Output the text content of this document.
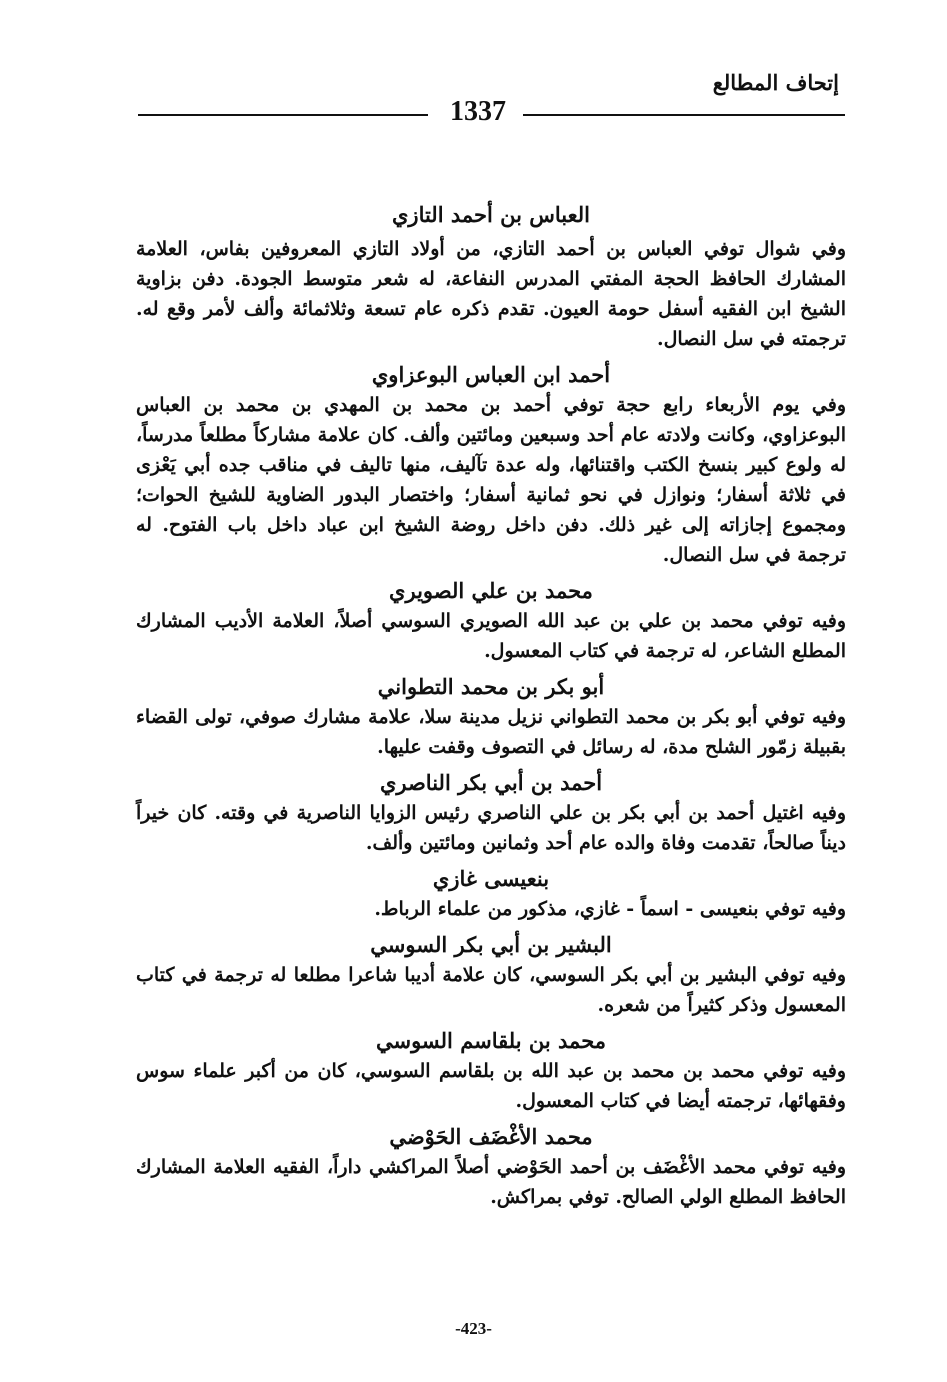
إتحاف المطالع
1337

العباس بن أحمد التازي

وفي شوال توفي العباس بن أحمد التازي، من أولاد التازي المعروفين بفاس، العلامة المشارك الحافظ الحجة المفتي المدرس النفاعة، له شعر متوسط الجودة. دفن بزاوية الشيخ ابن الفقيه أسفل حومة العيون. تقدم ذكره عام تسعة وثلاثمائة وألف لأمر وقع له. ترجمته في سل النصال.

أحمد ابن العباس البوعزاوي

وفي يوم الأربعاء رابع حجة توفي أحمد بن محمد بن المهدي بن محمد بن العباس البوعزاوي، وكانت ولادته عام أحد وسبعين ومائتين وألف. كان علامة مشاركاً مطلعاً مدرساً، له ولوع كبير بنسخ الكتب واقتنائها، وله عدة تآليف، منها تاليف في مناقب جده أبي يَعْزى في ثلاثة أسفار؛ ونوازل في نحو ثمانية أسفار؛ واختصار البدور الضاوية للشيخ الحوات؛ ومجموع إجازاته إلى غير ذلك. دفن داخل روضة الشيخ ابن عباد داخل باب الفتوح. له ترجمة في سل النصال.

محمد بن علي الصويري

وفيه توفي محمد بن علي بن عبد الله الصويري السوسي أصلاً، العلامة الأديب المشارك المطلع الشاعر، له ترجمة في كتاب المعسول.

أبو بكر بن محمد التطواني

وفيه توفي أبو بكر بن محمد التطواني نزيل مدينة سلا، علامة مشارك صوفي، تولى القضاء بقبيلة زمّور الشلح مدة، له رسائل في التصوف وقفت عليها.

أحمد بن أبي بكر الناصري

وفيه اغتيل أحمد بن أبي بكر بن علي الناصري رئيس الزوايا الناصرية في وقته. كان خيراً ديناً صالحاً، تقدمت وفاة والده عام أحد وثمانين ومائتين وألف.

بنعيسى غازي

وفيه توفي بنعيسى - اسماً - غازي، مذكور من علماء الرباط.

البشير بن أبي بكر السوسي

وفيه توفي البشير بن أبي بكر السوسي، كان علامة أديبا شاعرا مطلعا له ترجمة في كتاب المعسول وذكر كثيراً من شعره.

محمد بن بلقاسم السوسي

وفيه توفي محمد بن محمد بن عبد الله بن بلقاسم السوسي، كان من أكبر علماء سوس وفقهائها، ترجمته أيضا في كتاب المعسول.

محمد الأغْضَف الحَوْضي

وفيه توفي محمد الأغْضَف بن أحمد الحَوْضي أصلاً المراكشي داراً، الفقيه العلامة المشارك الحافظ المطلع الولي الصالح. توفي بمراكش.

-423-
